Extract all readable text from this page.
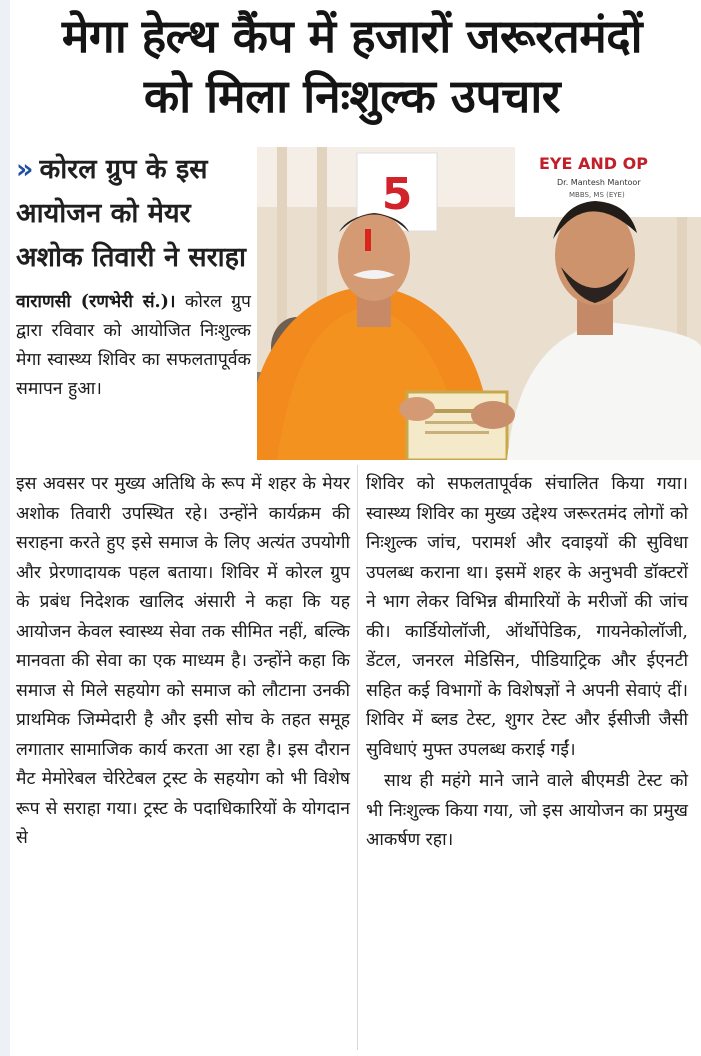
मेगा हेल्थ कैंप में हजारों जरूरतमंदों
को मिला निःशुल्क उपचार
» कोरल ग्रुप के इस आयोजन को मेयर अशोक तिवारी ने सराहा
वाराणसी (रणभेरी सं.)। कोरल ग्रुप द्वारा रविवार को आयोजित निःशुल्क मेगा स्वास्थ्य शिविर का सफलतापूर्वक समापन हुआ।
5
EYE AND OP
Dr. Mantesh Mantoor
MBBS, MS (EYE)

इस अवसर पर मुख्य अतिथि के रूप में शहर के मेयर अशोक तिवारी उपस्थित रहे। उन्होंने कार्यक्रम की सराहना करते हुए इसे समाज के लिए अत्यंत उपयोगी और प्रेरणादायक पहल बताया। शिविर में कोरल ग्रुप के प्रबंध निदेशक खालिद अंसारी ने कहा कि यह आयोजन केवल स्वास्थ्य सेवा तक सीमित नहीं, बल्कि मानवता की सेवा का एक माध्यम है। उन्होंने कहा कि समाज से मिले सहयोग को समाज को लौटाना उनकी प्राथमिक जिम्मेदारी है और इसी सोच के तहत समूह लगातार सामाजिक कार्य करता आ रहा है। इस दौरान मैट मेमोरेबल चेरिटेबल ट्रस्ट के सहयोग को भी विशेष रूप से सराहा गया। ट्रस्ट के पदाधिकारियों के योगदान से

शिविर को सफलतापूर्वक संचालित किया गया। स्वास्थ्य शिविर का मुख्य उद्देश्य जरूरतमंद लोगों को निःशुल्क जांच, परामर्श और दवाइयों की सुविधा उपलब्ध कराना था। इसमें शहर के अनुभवी डॉक्टरों ने भाग लेकर विभिन्न बीमारियों के मरीजों की जांच की। कार्डियोलॉजी, ऑर्थोपेडिक, गायनेकोलॉजी, डेंटल, जनरल मेडिसिन, पीडियाट्रिक और ईएनटी सहित कई विभागों के विशेषज्ञों ने अपनी सेवाएं दीं। शिविर में ब्लड टेस्ट, शुगर टेस्ट और ईसीजी जैसी सुविधाएं मुफ्त उपलब्ध कराई गईं।

साथ ही महंगे माने जाने वाले बीएमडी टेस्ट को भी निःशुल्क किया गया, जो इस आयोजन का प्रमुख आकर्षण रहा।
